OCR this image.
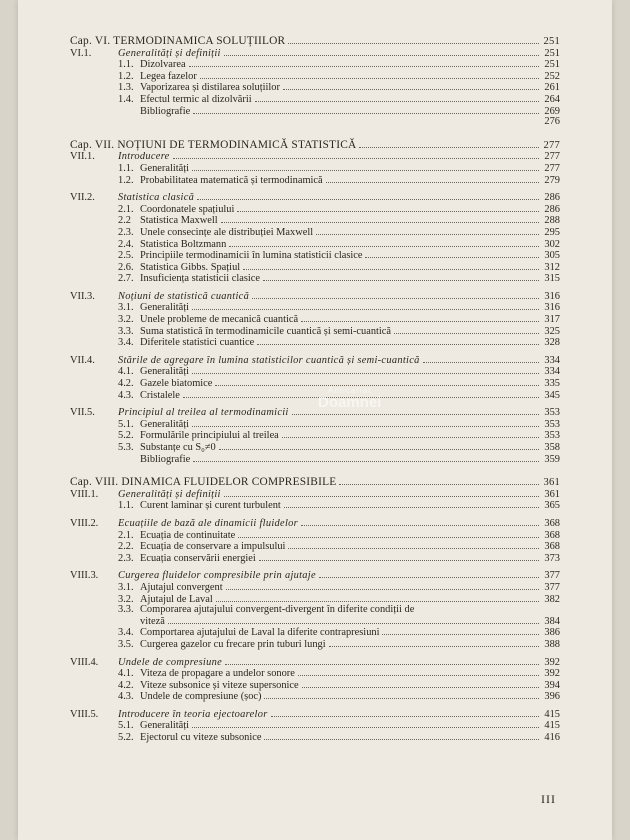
Cap. VI. TERMODINAMICA SOLUȚIILOR	251
VI.1.	Generalități și definiții	251
1.1. Dizolvarea	251
1.2. Legea fazelor	252
1.3. Vaporizarea și distilarea soluțiilor	261
1.4. Efectul termic al dizolvării	264
Bibliografie	269
276
Cap. VII. NOȚIUNI DE TERMODINAMICĂ STATISTICĂ	277
VII.1. Introducere	277
1.1. Generalități	277
1.2. Probabilitatea matematică și termodinamică	279
VII.2. Statistica clasică	286
2.1. Coordonatele spațiului	286
2.2 Statistica Maxwell	288
2.3. Unele consecințe ale distribuției Maxwell	295
2.4. Statistica Boltzmann	302
2.5. Principiile termodinamicii în lumina statisticii clasice	305
2.6. Statistica Gibbs. Spațiul	312
2.7. Insuficiența statisticii clasice	315
VII.3. Noțiuni de statistică cuantică	316
3.1. Generalități	316
3.2. Unele probleme de mecanică cuantică	317
3.3. Suma statistică în termodinamicile cuantică și semi-cuantică	325
3.4. Diferitele statistici cuantice	328
VII.4. Stările de agregare în lumina statisticilor cuantică și semi-cuantică	334
4.1. Generalități	334
4.2. Gazele biatomice	335
4.3. Cristalele	345
VII.5. Principiul al treilea al termodinamicii	353
5.1. Generalități	353
5.2. Formulările principiului al treilea	353
5.3. Substanțe cu S₀≠0	358
Bibliografie	359
Cap. VIII. DINAMICA FLUIDELOR COMPRESIBILE	361
VIII.1. Generalități și definiții	361
1.1. Curent laminar și curent turbulent	365
VIII.2. Ecuațiile de bază ale dinamicii fluidelor	368
2.1. Ecuația de continuitate	368
2.2. Ecuația de conservare a impulsului	368
2.3. Ecuația conservării energiei	373
VIII.3. Curgerea fluidelor compresibile prin ajutaje	377
3.1. Ajutajul convergent	377
3.2. Ajutajul de Laval	382
3.3. Comporarea ajutajului convergent-divergent în diferite condiții de
viteză	384
3.4. Comportarea ajutajului de Laval la diferite contrapresiuni	386
3.5. Curgerea gazelor cu frecare prin tuburi lungi	388
VIII.4. Undele de compresiune	392
4.1. Viteza de propagare a undelor sonore	392
4.2. Viteze subsonice și viteze supersonice	394
4.3. Undele de compresiune (șoc)	396
VIII.5. Introducere în teoria ejectoarelor	415
5.1. Generalități	415
5.2. Ejectorul cu viteze subsonice	416
III
Anticariat
Doamnei
